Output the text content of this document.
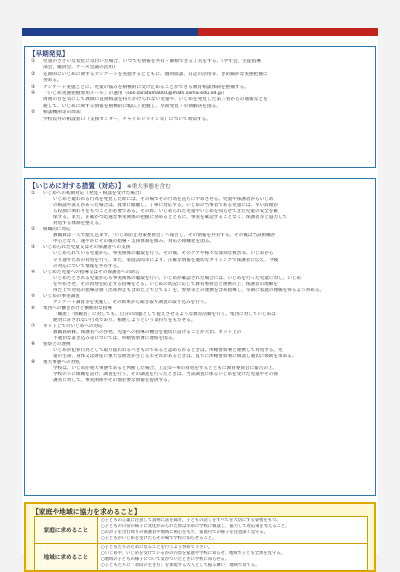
【早期発見】
①	児童のささいな変化に気付いた場合、いつでも情報を共有・蓄積できる工夫をする。（学年会、生徒指導
部会、職員会、ケース会議の活用）
②	定期的にいじめに関するアンケートを実施するとともに、個別面談、日記の活用等、きめ細かな実態把握に
努める。
③	アンケート実施ごとに、児童の悩みを積極的に受け止めることができる教育相談体制を整備する。
④	「いじめ実態把握専用メール」の運用（sos-saratama001@mats.sama-edu.ed.jp）
周囲の目を気にして教師に直接相談を持ちかけられない児童や、いじめを発見した第三者からの通報などを
通して、いじめに関する情報を積極的に幅広く把握し、早期発見・早期解決を図る。
⑤	相談機関等の周知
学校以外の相談窓口（支援センター、チャイルドライン等）について周知する。
【いじめに対する措置（対応）】 ※重大事態を含む
①	いじめへの初期対応（発見・相談を受けた場合）
いじめと疑われる行為を発見した際には、その場でその行為を直ちにやめさせる。児童や保護者からいじめ
の相談や訴えがあった場合は、真摯に傾聴し、丁寧に対応する。いじめの当事者である児童には、早い段階か
ら役割に関わりをもつことが必要である。その際、いじめられた児童やいじめを知らせてきた児童の安全を確
保する。また、正確かつ迅速な事実関係の把握に努めるとともに、事実を確認することなく、保護者等と協力して
対処する体制を整える。
②	組織的に対応
教職員は一人で抱え込まず、「いじめ防止対策委員会」へ報告し、その情報を共有する。その後は当該組織が
中心となり、速やかにその後の指導・支援体制を組み、対応の組織化を図る。
③	いじめられた児童又はその保護者への支援
いじめられている児童から、事実関係の聴取を行う。その後、そのケアや様々な深刻な被害等、いじめから
守り通すための対処を行う。また、家庭訪問等により、正確な情報を適切なタイミングで保護者に伝え、今後
の対応について情報を共有する。
④	いじめた児童への指導又はその保護者への助言
いじめたとされる児童からも事実関係の聴取を行い、いじめが確認された場合には、いじめを行った児童に対し、いじめ
をやめさせ、その再発を防止する指導をとる。いじめの状況に応じて教育委員会と連携の上、保護者の理解を
得た上で対処の指導計画（出席停止も含めた上で立てる）を、警察等との連携を含め指導し、早期に家庭の理解を得るよう努める。
⑤	いじめの事実調査
アンケート調査等を実施し、その結果から聞き取り調査の取り込みを行う。
⑥	集団への働きかけと横断的な指導
「観衆」「傍観者」に対しても、自分の問題として捉えさせるような教育活動を行う。集団に対していじめは
絶対に許されない行為であり、根絶しようという気持ちをもたせる。
⑦	ネット上でのいじめへの対応
教職員研修、保護者への啓発、児童への指導の機会を適切に設けることが大切。ネット上の
不適切な書き込み等については、所轄警察署に連絡を図る。
⑧	警察との連携
いじめが犯罪行為として取り扱われるべきものであると認められるときは、所轄警察署と連携して対処する。児
童の生命、身体又は財産に重大な被害が生じるおそれがあるときは、直ちに所轄警察署に相談し適切に援助を求める。
⑨	重大事態への対処
学校は、いじめが重大事態であると判断した場合、上記①〜⑧の対処をするとともに教育委員会に報告の上、
学校の下に組織を設け、調査を行う。その調査を行ったときは、当該調査に係るいじめを受けた児童やその保
護者に対して、事実関係やその他必要な情報を提供する。
【家庭や地域に協力を求めること】
家庭に求めること	○子どもの言葉に注意して真剣に話を聞き、子どもの話しをすべてを大切にする姿勢をもつ。
○子どもの日常の様子に変化がみられた際は早めに学校に相談し、協力して対応策を考えること。
○わが子を含む周りの保護者や地域に関心をもち、家庭内での様子を注意深く見守る。
○子どもがいじめを受けたらその場で学校に知らせること。

地域に求めること	○子どもたちのためになることを行うよう努めて下さい。
○いじめや、いじめを受けているかの内容を家庭や学校に知らせ、地域で子ども全体を見守る。
○地域の子どもの様子について気がついたときに学校に知らせる。
○子どもたちに「普段の生き方」を体現する大人として振る舞い、地域で育てる。
